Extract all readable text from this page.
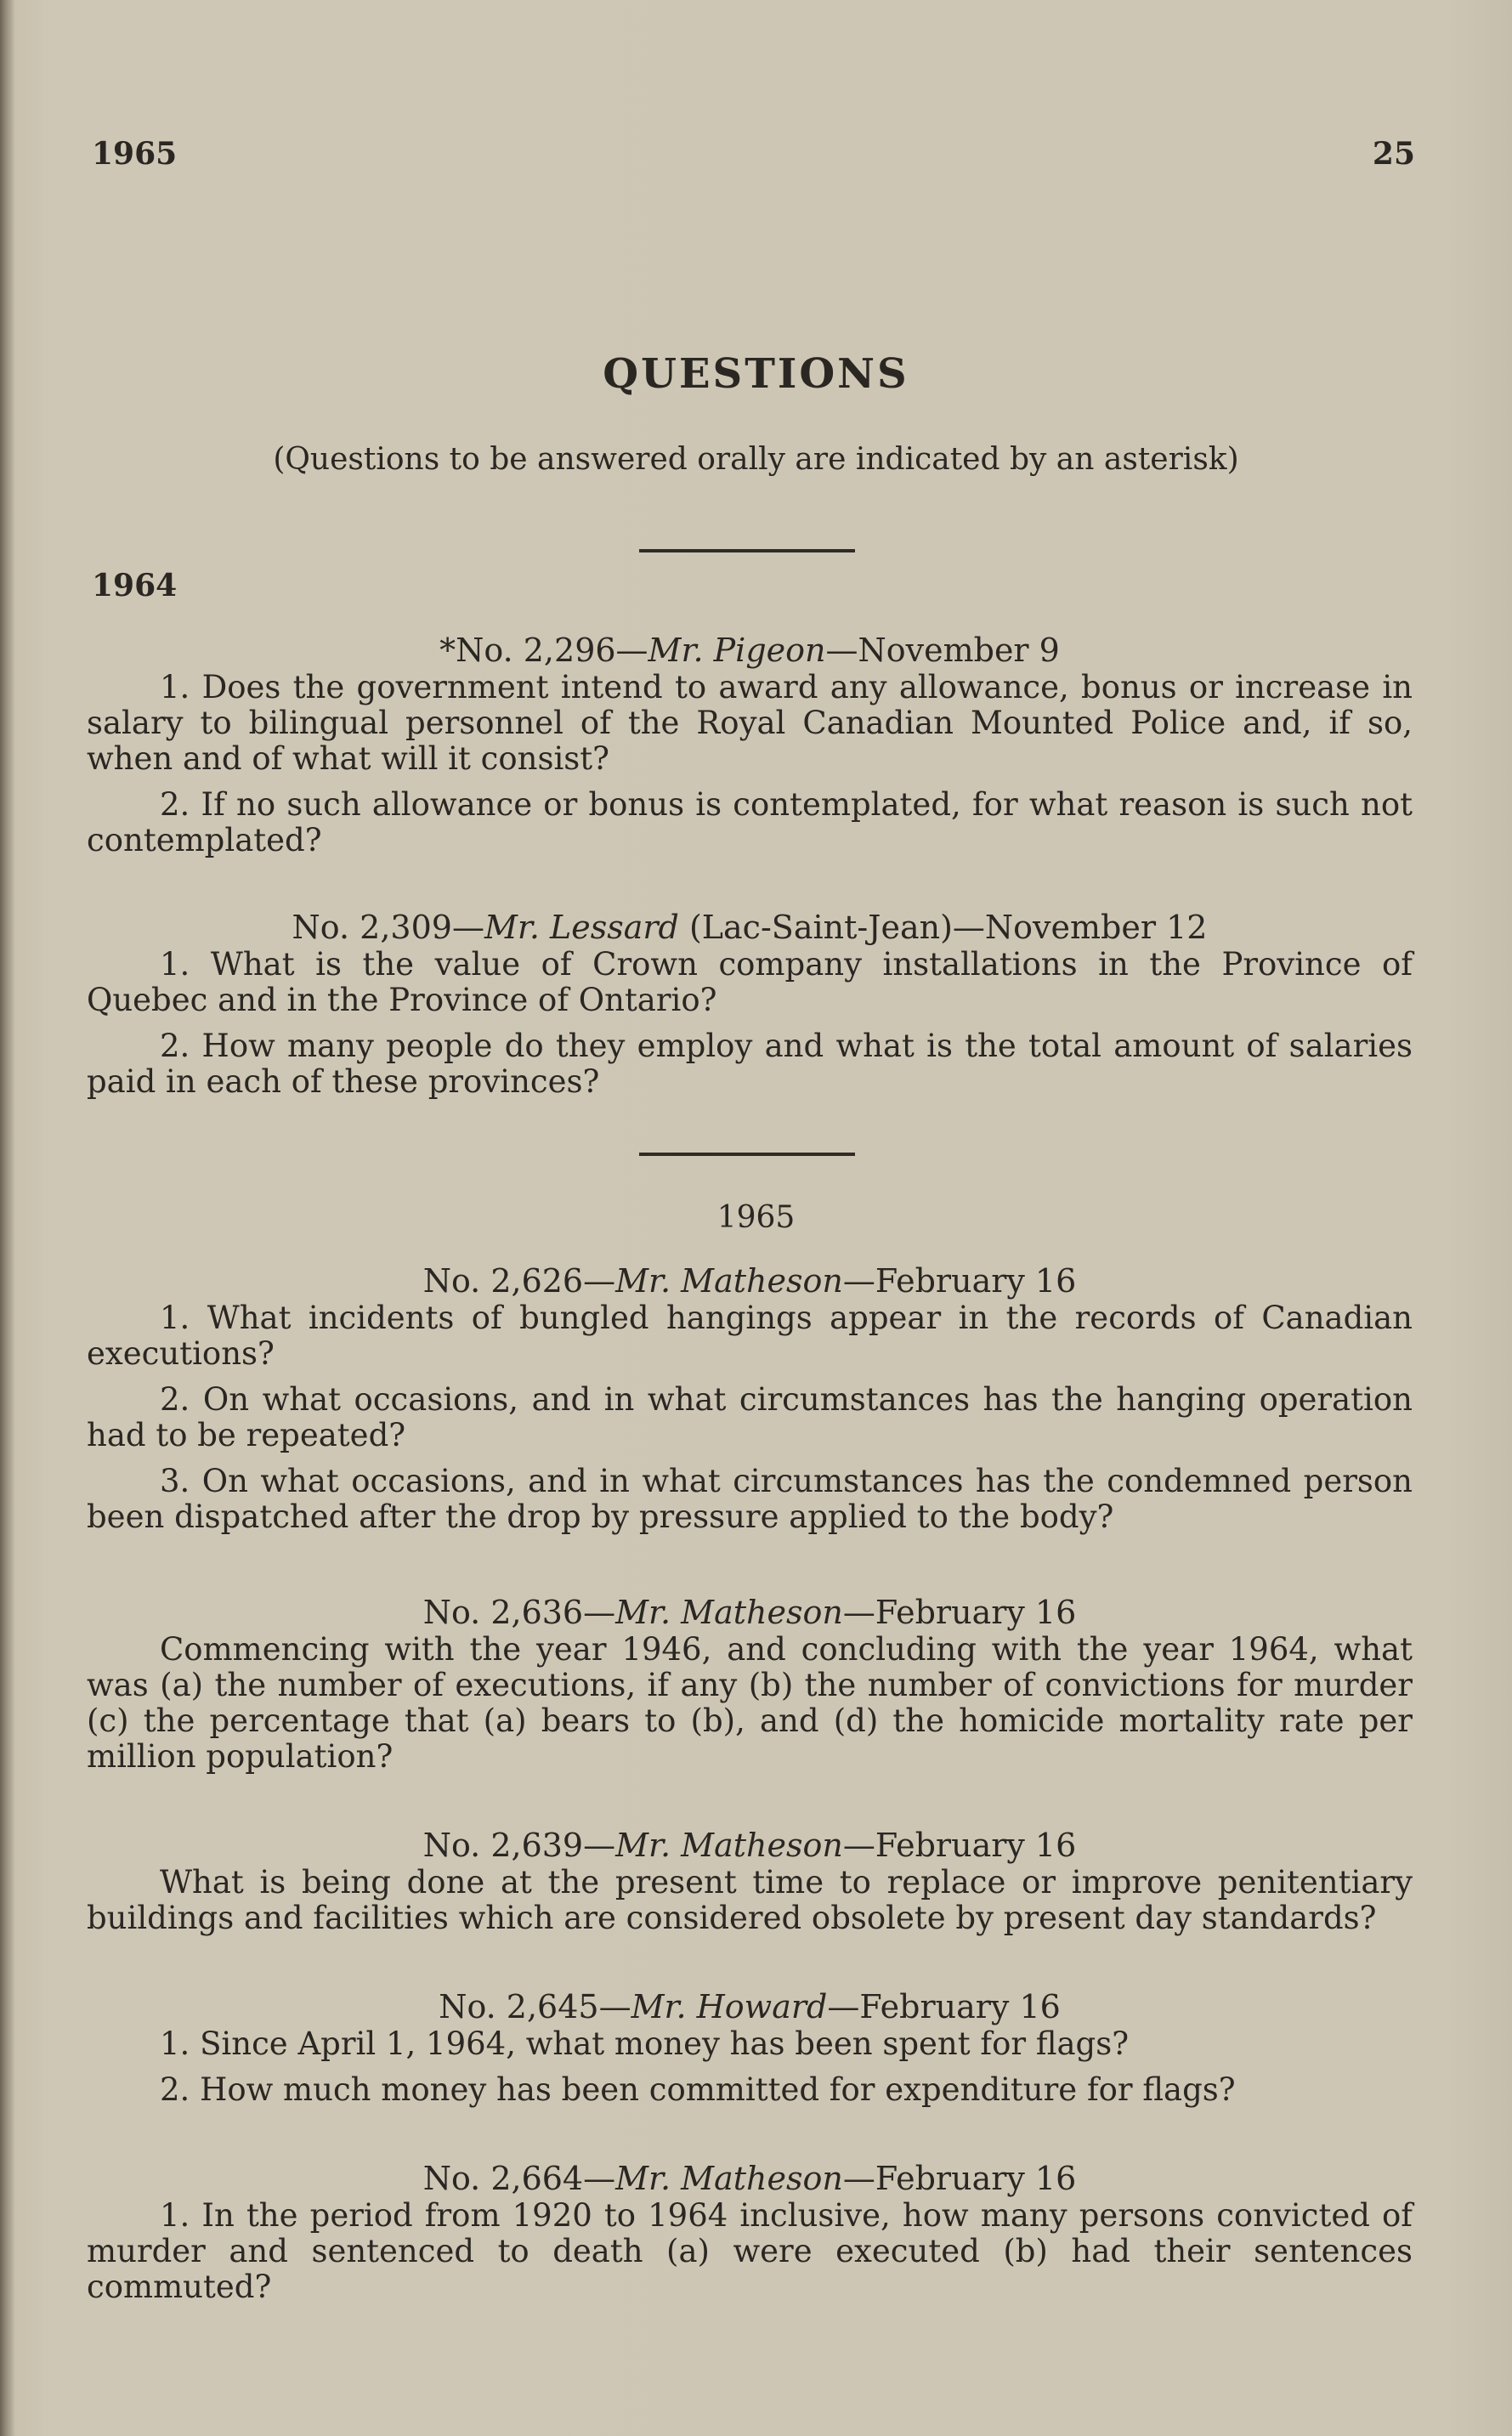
1965	25
QUESTIONS
(Questions to be answered orally are indicated by an asterisk)
1964

*No. 2,296—Mr. Pigeon—November 9

1. Does the government intend to award any allowance, bonus or increase in salary to bilingual personnel of the Royal Canadian Mounted Police and, if so, when and of what will it consist?

2. If no such allowance or bonus is contemplated, for what reason is such not contemplated?

No. 2,309—Mr. Lessard (Lac-Saint-Jean)—November 12

1. What is the value of Crown company installations in the Province of Quebec and in the Province of Ontario?

2. How many people do they employ and what is the total amount of salaries paid in each of these provinces?

1965

No. 2,626—Mr. Matheson—February 16

1. What incidents of bungled hangings appear in the records of Canadian executions?

2. On what occasions, and in what circumstances has the hanging operation had to be repeated?

3. On what occasions, and in what circumstances has the condemned person been dispatched after the drop by pressure applied to the body?

No. 2,636—Mr. Matheson—February 16

Commencing with the year 1946, and concluding with the year 1964, what was (a) the number of executions, if any (b) the number of convictions for murder (c) the percentage that (a) bears to (b), and (d) the homicide mortality rate per million population?

No. 2,639—Mr. Matheson—February 16

What is being done at the present time to replace or improve penitentiary buildings and facilities which are considered obsolete by present day standards?

No. 2,645—Mr. Howard—February 16

1. Since April 1, 1964, what money has been spent for flags?

2. How much money has been committed for expenditure for flags?

No. 2,664—Mr. Matheson—February 16

1. In the period from 1920 to 1964 inclusive, how many persons convicted of murder and sentenced to death (a) were executed (b) had their sentences commuted?
